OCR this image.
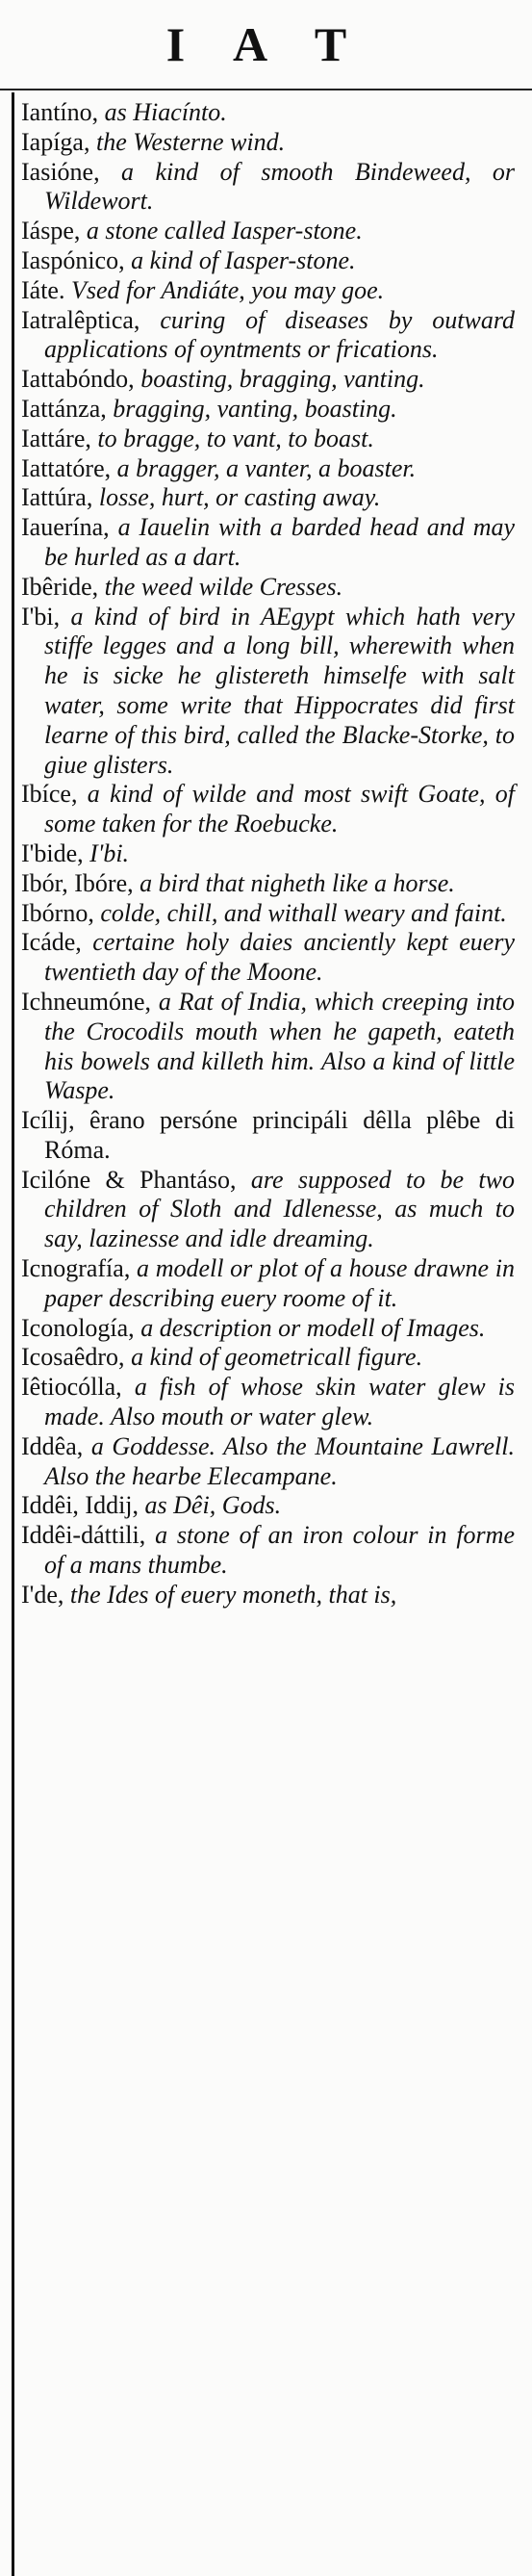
I A T

Iantíno, as Hiacínto.

Iapíga, the Westerne wind.

Iasióne, a kind of smooth Bindeweed, or Wildewort.

Iáspe, a stone called Iasper-stone.

Iaspónico, a kind of Iasper-stone.

Iáte. Vsed for Andiáte, you may goe.

Iatralêptica, curing of diseases by outward applications of oyntments or frications.

Iattabóndo, boasting, bragging, vanting.

Iattánza, bragging, vanting, boasting.

Iattáre, to bragge, to vant, to boast.

Iattatóre, a bragger, a vanter, a boaster.

Iattúra, losse, hurt, or casting away.

Iauerína, a Iauelin with a barded head and may be hurled as a dart.

Ibêride, the weed wilde Cresses.

I'bi, a kind of bird in AEgypt which hath very stiffe legges and a long bill, wherewith when he is sicke he glistereth himselfe with salt water, some write that Hippocrates did first learne of this bird, called the Blacke-Storke, to giue glisters.

Ibíce, a kind of wilde and most swift Goate, of some taken for the Roebucke.

I'bide, I'bi.

Ibór, Ibóre, a bird that nigheth like a horse.

Ibórno, colde, chill, and withall weary and faint.

Icáde, certaine holy daies anciently kept euery twentieth day of the Moone.

Ichneumóne, a Rat of India, which creeping into the Crocodils mouth when he gapeth, eateth his bowels and killeth him. Also a kind of little Waspe.

Icílij, êrano persóne principáli dêlla plêbe di Róma.

Icilóne & Phantáso, are supposed to be two children of Sloth and Idlenesse, as much to say, lazinesse and idle dreaming.

Icnografía, a modell or plot of a house drawne in paper describing euery roome of it.

Iconología, a description or modell of Images.

Icosaêdro, a kind of geometricall figure.

Iêtiocólla, a fish of whose skin water glew is made. Also mouth or water glew.

Iddêa, a Goddesse. Also the Mountaine Lawrell. Also the hearbe Elecampane.

Iddêi, Iddij, as Dêi, Gods.

Iddêi-dáttili, a stone of an iron colour in forme of a mans thumbe.

I'de, the Ides of euery moneth, that is,
